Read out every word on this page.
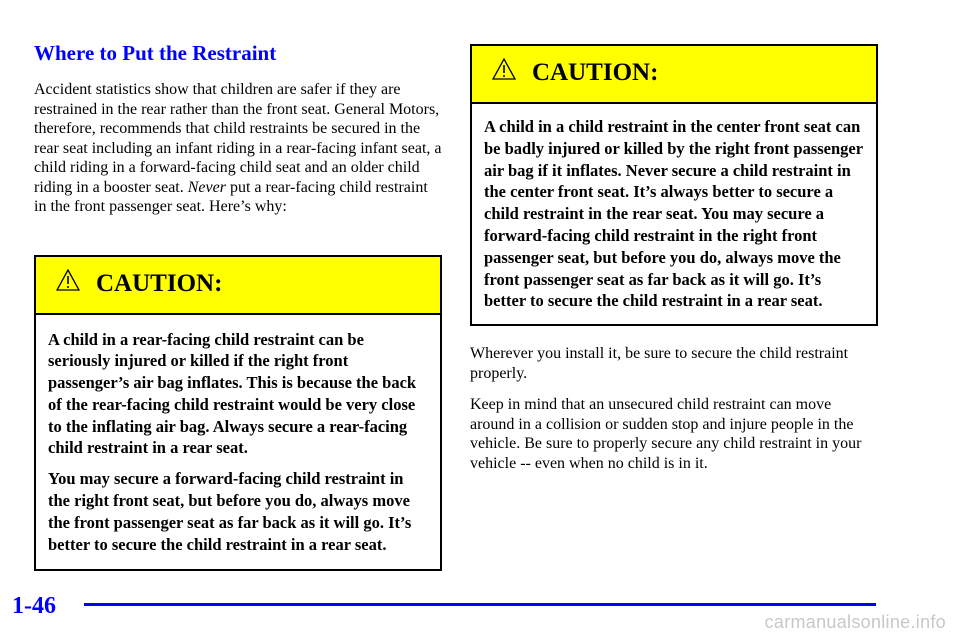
Where to Put the Restraint

Accident statistics show that children are safer if they are restrained in the rear rather than the front seat. General Motors, therefore, recommends that child restraints be secured in the rear seat including an infant riding in a rear-facing infant seat, a child riding in a forward-facing child seat and an older child riding in a booster seat. Never put a rear-facing child restraint in the front passenger seat. Here’s why:

CAUTION:

A child in a rear-facing child restraint can be seriously injured or killed if the right front passenger’s air bag inflates. This is because the back of the rear-facing child restraint would be very close to the inflating air bag. Always secure a rear-facing child restraint in a rear seat.

You may secure a forward-facing child restraint in the right front seat, but before you do, always move the front passenger seat as far back as it will go. It’s better to secure the child restraint in a rear seat.

CAUTION:

A child in a child restraint in the center front seat can be badly injured or killed by the right front passenger air bag if it inflates. Never secure a child restraint in the center front seat. It’s always better to secure a child restraint in the rear seat. You may secure a forward-facing child restraint in the right front passenger seat, but before you do, always move the front passenger seat as far back as it will go. It’s better to secure the child restraint in a rear seat.

Wherever you install it, be sure to secure the child restraint properly.

Keep in mind that an unsecured child restraint can move around in a collision or sudden stop and injure people in the vehicle. Be sure to properly secure any child restraint in your vehicle -- even when no child is in it.

1-46
carmanualsonline.info
